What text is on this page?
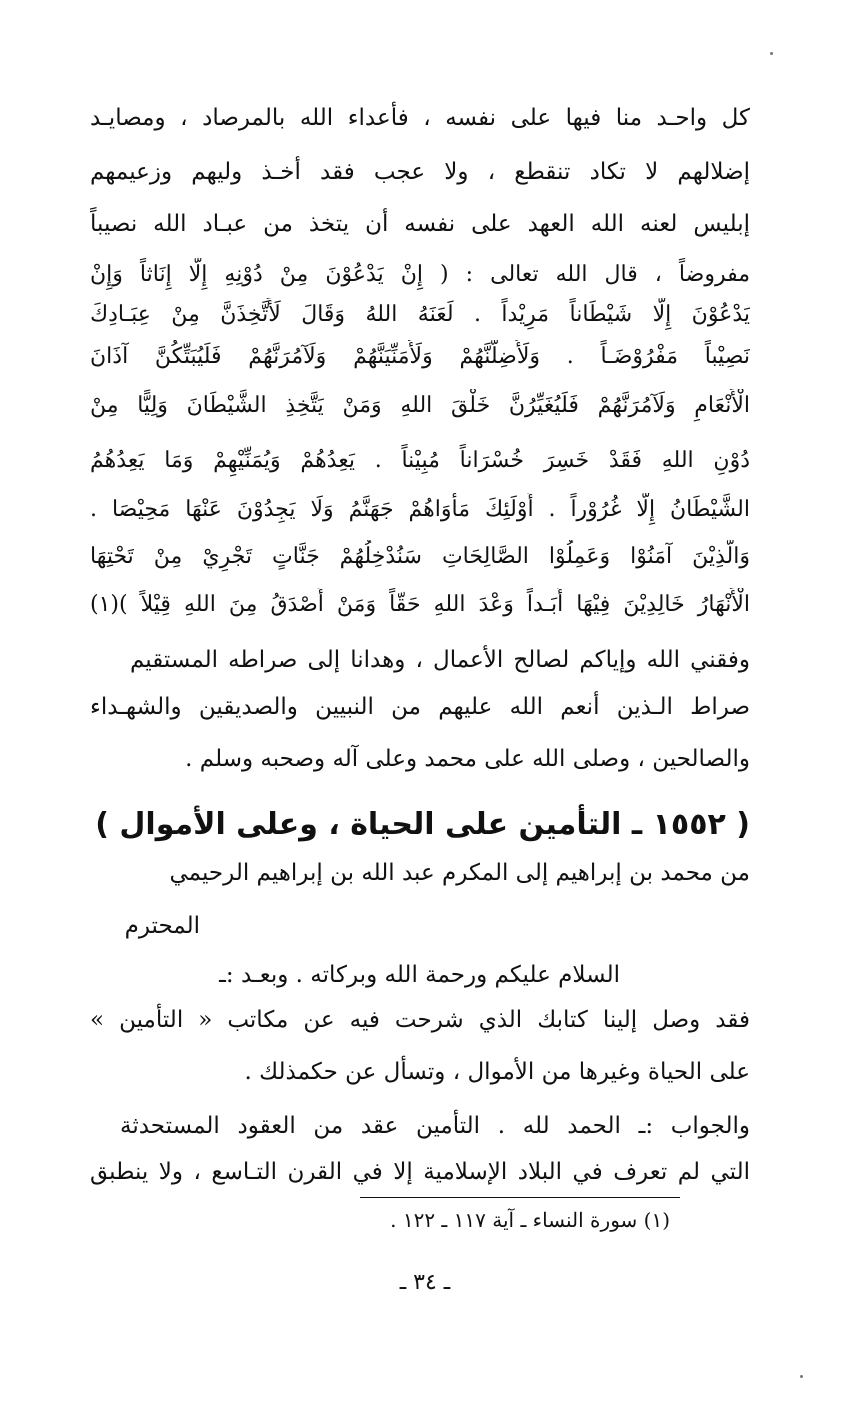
كل واحـد منا فيها على نفسه ، فأعداء الله بالمرصاد ، ومصايـد
إضلالهم لا تكاد تنقطع ، ولا عجب فقد أخـذ وليهم وزعيمهم
إبليس لعنه الله العهد على نفسه أن يتخذ من عبـاد الله نصيباً
مفروضاً ، قال الله تعالى : ( إِنْ يَدْعُوْنَ مِنْ دُوْنِهِ إِلَّا إِنَاثاً وَإِنْ
يَدْعُوْنَ إِلَّا شَيْطَاناً مَرِيْداً . لَعَنَهُ اللهُ وَقَالَ لَأَتَّخِذَنَّ مِنْ عِبَـادِكَ
نَصِيْباً مَفْرُوْضَـاً . وَلَأُضِلَّنَّهُمْ وَلَأُمَنِّيَنَّهُمْ وَلَآمُرَنَّهُمْ فَلَيُبَتِّكُنَّ آذَانَ
الْأَنْعَامِ وَلَآمُرَنَّهُمْ فَلَيُغَيِّرُنَّ خَلْقَ اللهِ وَمَنْ يَتَّخِذِ الشَّيْطَانَ وَلِيًّا مِنْ
دُوْنِ اللهِ فَقَدْ خَسِرَ خُسْرَاناً مُبِيْناً . يَعِدُهُمْ وَيُمَنِّيْهِمْ وَمَا يَعِدُهُمُ
الشَّيْطَانُ إِلَّا غُرُوْراً . أُوْلَئِكَ مَأْوَاهُمْ جَهَنَّمُ وَلَا يَجِدُوْنَ عَنْهَا مَحِيْصَا .
وَالَّذِيْنَ آمَنُوْا وَعَمِلُوْا الصَّالِحَاتِ سَنُدْخِلُهُمْ جَنَّاتٍ تَجْرِيْ مِنْ تَحْتِهَا
الْأَنْهَارُ خَالِدِيْنَ فِيْهَا أَبَـداً وَعْدَ اللهِ حَقّاً وَمَنْ أَصْدَقُ مِنَ اللهِ قِيْلاً )(١)
وفقني الله وإياكم لصالح الأعمال ، وهدانا إلى صراطه المستقيم
صراط الـذين أنعم الله عليهم من النبيين والصديقين والشهـداء
والصالحين ، وصلى الله على محمد وعلى آله وصحبه وسلم .
( ١٥٥٢ ـ التأمين على الحياة ، وعلى الأموال )
من محمد بن إبراهيم إلى المكرم عبد الله بن إبراهيم الرحيمي
المحترم
السلام عليكم ورحمة الله وبركاته . وبعـد :ـ
فقد وصل إلينا كتابك الذي شرحت فيه عن مكاتب « التأمين »
على الحياة وغيرها من الأموال ، وتسأل عن حكمذلك .
والجواب :ـ الحمد لله . التأمين عقد من العقود المستحدثة
التي لم تعرف في البلاد الإسلامية إلا في القرن التـاسع ، ولا ينطبق
(١) سورة النساء ـ آية ١١٧ ـ ١٢٢ .
ـ ٣٤ ـ
